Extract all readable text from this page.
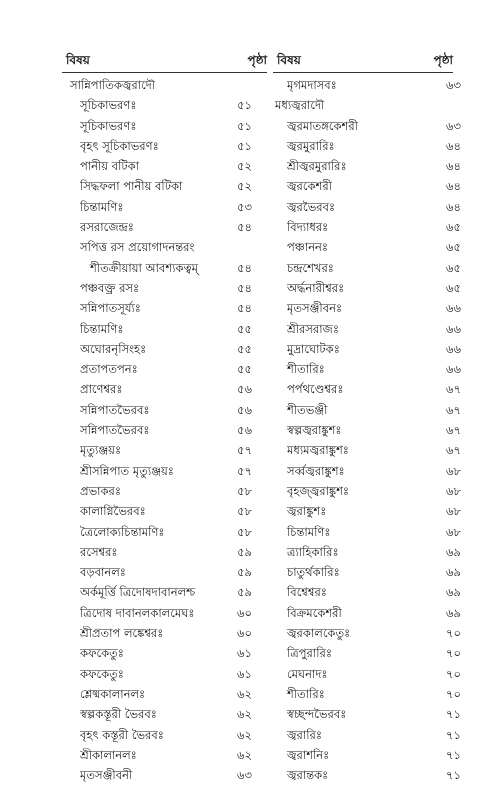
বিষয়	পৃষ্ঠা
সান্নিপাতিকজ্বরাদৌ
সূচিকাভরণঃ	৫১
সূচিকাভরণঃ	৫১
বৃহৎ সূচিকাভরণঃ	৫১
পানীয় বটিকা	৫২
সিদ্ধফলা পানীয় বটিকা	৫২
চিন্তামণিঃ	৫৩
রসরাজেন্দ্রঃ	৫৪
সপিত্ত রস প্রয়োগাদনন্তরং
শীতক্রীয়ায়া আবশ্যকত্বম্	৫৪
পঞ্চবক্ত্র রসঃ	৫৪
সন্নিপাতসূর্য্যঃ	৫৪
চিন্তামণিঃ	৫৫
অঘোরনৃসিংহঃ	৫৫
প্রতাপতপনঃ	৫৫
প্রাণেশ্বরঃ	৫৬
সন্নিপাতভৈরবঃ	৫৬
সন্নিপাতভৈরবঃ	৫৬
মৃত্যুঞ্জয়ঃ	৫৭
শ্রীসন্নিপাত মৃত্যুঞ্জয়ঃ	৫৭
প্রভাকরঃ	৫৮
কালাগ্নিভৈরবঃ	৫৮
ত্রৈলোক্যচিন্তামণিঃ	৫৮
রসেশ্বরঃ	৫৯
বড়বানলঃ	৫৯
অর্কমূর্ত্তি ত্রিদোষদাবানলশ্চ	৫৯
ত্রিদোষ দাবানলকালমেঘঃ	৬০
শ্রীপ্রতাপ লঙ্কেশ্বরঃ	৬০
কফকেতুঃ	৬১
কফকেতুঃ	৬১
শ্লেষ্মকালানলঃ	৬২
স্বল্পকস্তূরী ভৈরবঃ	৬২
বৃহৎ কস্তূরী ভৈরবঃ	৬২
শ্রীকালানলঃ	৬২
মৃতসঞ্জীবনী	৬৩
বিষয়	পৃষ্ঠা
মৃগমদাসবঃ	৬৩
মধ্যজ্বরাদৌ
জ্বরমাতঙ্গকেশরী	৬৩
জ্বরমুরারিঃ	৬৪
শ্রীজ্বরমুরারিঃ	৬৪
জ্বরকেশরী	৬৪
জ্বরভৈরবঃ	৬৪
বিদ্যাধরঃ	৬৫
পঞ্চাননঃ	৬৫
চন্দ্রশেখরঃ	৬৫
অর্দ্ধনারীশ্বরঃ	৬৫
মৃতসঞ্জীবনঃ	৬৬
শ্রীরসরাজঃ	৬৬
মুদ্রাঘোটকঃ	৬৬
শীতারিঃ	৬৬
পর্পথণ্ডেশ্বরঃ	৬৭
শীতভঞ্জী	৬৭
স্বল্পজ্বরাঙ্কুশঃ	৬৭
মধ্যমজ্বরাঙ্কুশঃ	৬৭
সর্ব্বজ্বরাঙ্কুশঃ	৬৮
বৃহজ্জ্বরাঙ্কুশঃ	৬৮
জ্বরাঙ্কুশঃ	৬৮
চিন্তামণিঃ	৬৮
ত্র্যাহিকারিঃ	৬৯
চাতুর্থকারিঃ	৬৯
বিশ্বেশ্বরঃ	৬৯
বিক্রমকেশরী	৬৯
জ্বরকালকেতুঃ	৭০
ত্রিপুরারিঃ	৭০
মেঘনাদঃ	৭০
শীতারিঃ	৭০
স্বচ্ছন্দভৈরবঃ	৭১
জ্বরারিঃ	৭১
জ্বরাশনিঃ	৭১
জ্বরান্তকঃ	৭১
